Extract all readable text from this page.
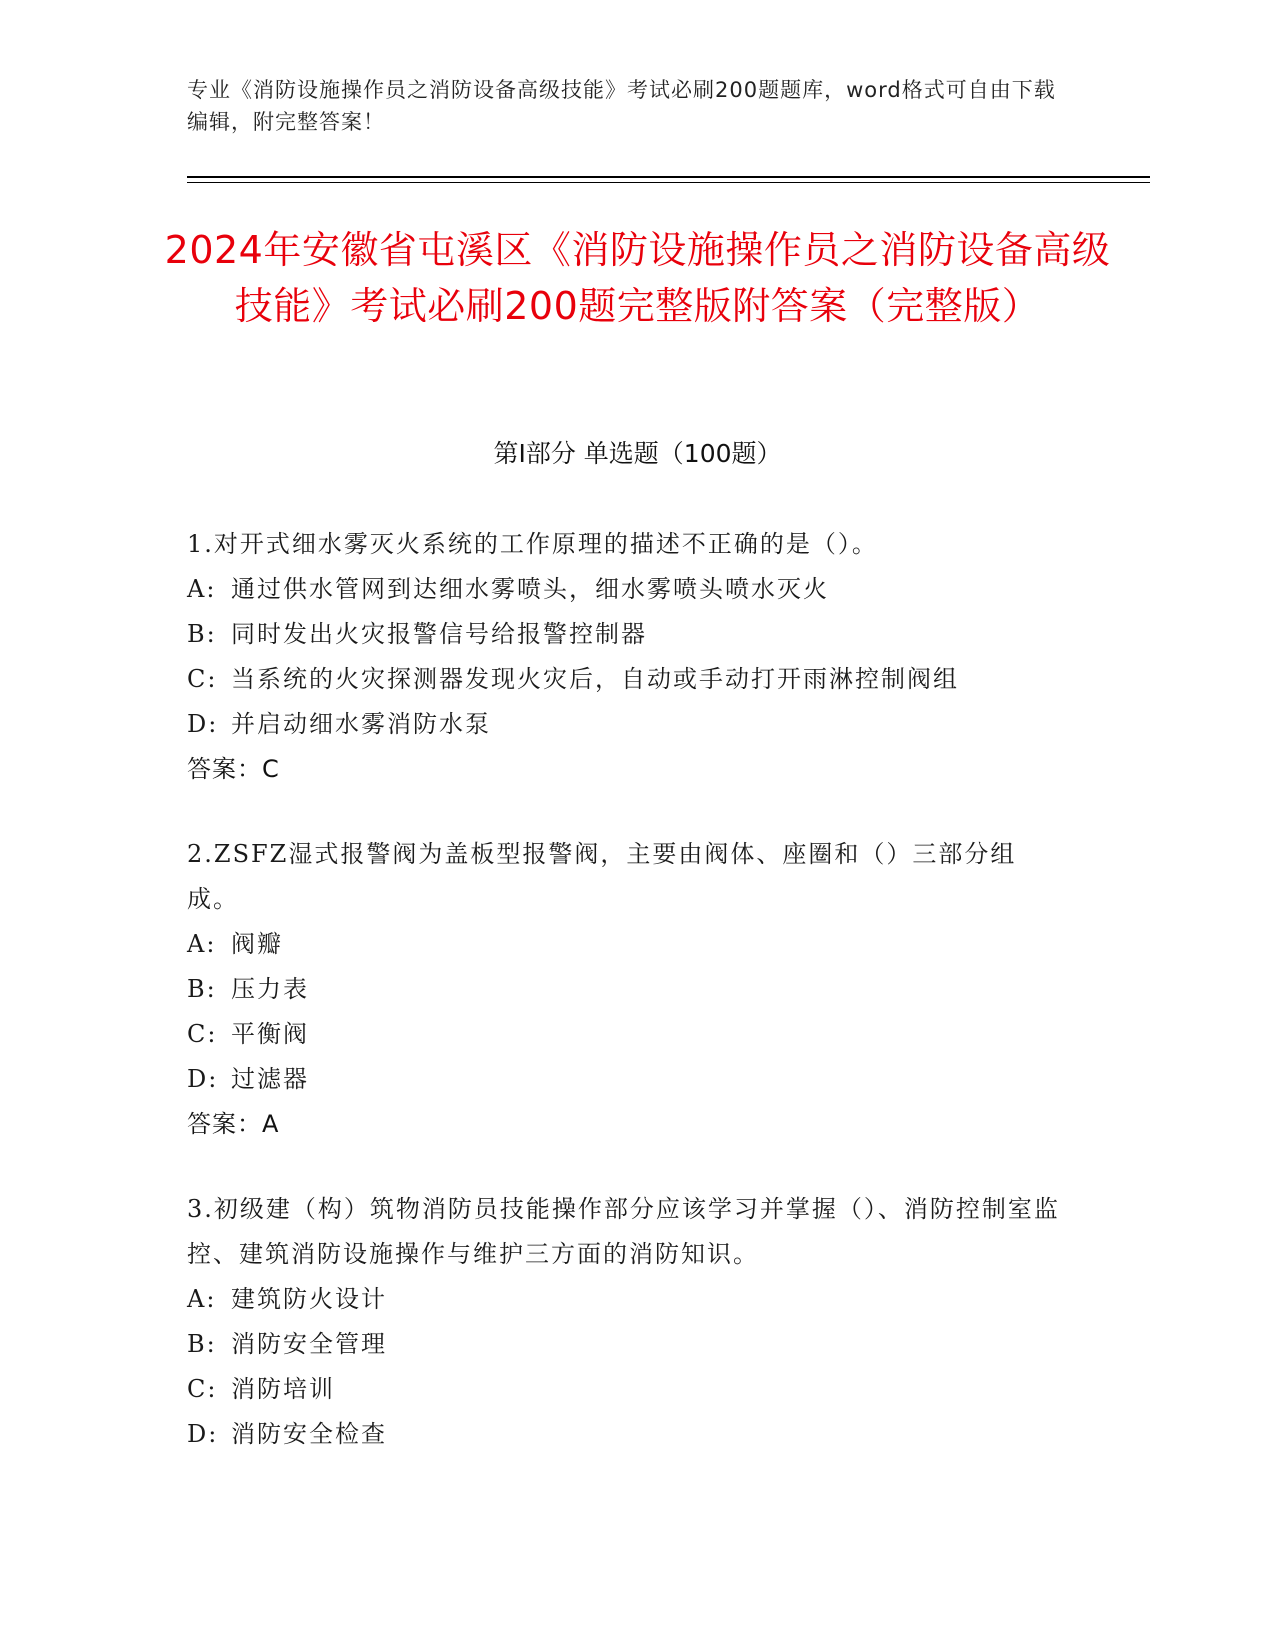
专业《消防设施操作员之消防设备高级技能》考试必刷200题题库，word格式可自由下载编辑，附完整答案！
2024年安徽省屯溪区《消防设施操作员之消防设备高级技能》考试必刷200题完整版附答案（完整版）
第Ⅰ部分 单选题（100题）
1.对开式细水雾灭火系统的工作原理的描述不正确的是（）。
A: 通过供水管网到达细水雾喷头，细水雾喷头喷水灭火
B: 同时发出火灾报警信号给报警控制器
C: 当系统的火灾探测器发现火灾后，自动或手动打开雨淋控制阀组
D: 并启动细水雾消防水泵
答案：C
2.ZSFZ湿式报警阀为盖板型报警阀，主要由阀体、座圈和（）三部分组成。
A: 阀瓣
B: 压力表
C: 平衡阀
D: 过滤器
答案：A
3.初级建（构）筑物消防员技能操作部分应该学习并掌握（）、消防控制室监控、建筑消防设施操作与维护三方面的消防知识。
A: 建筑防火设计
B: 消防安全管理
C: 消防培训
D: 消防安全检查
